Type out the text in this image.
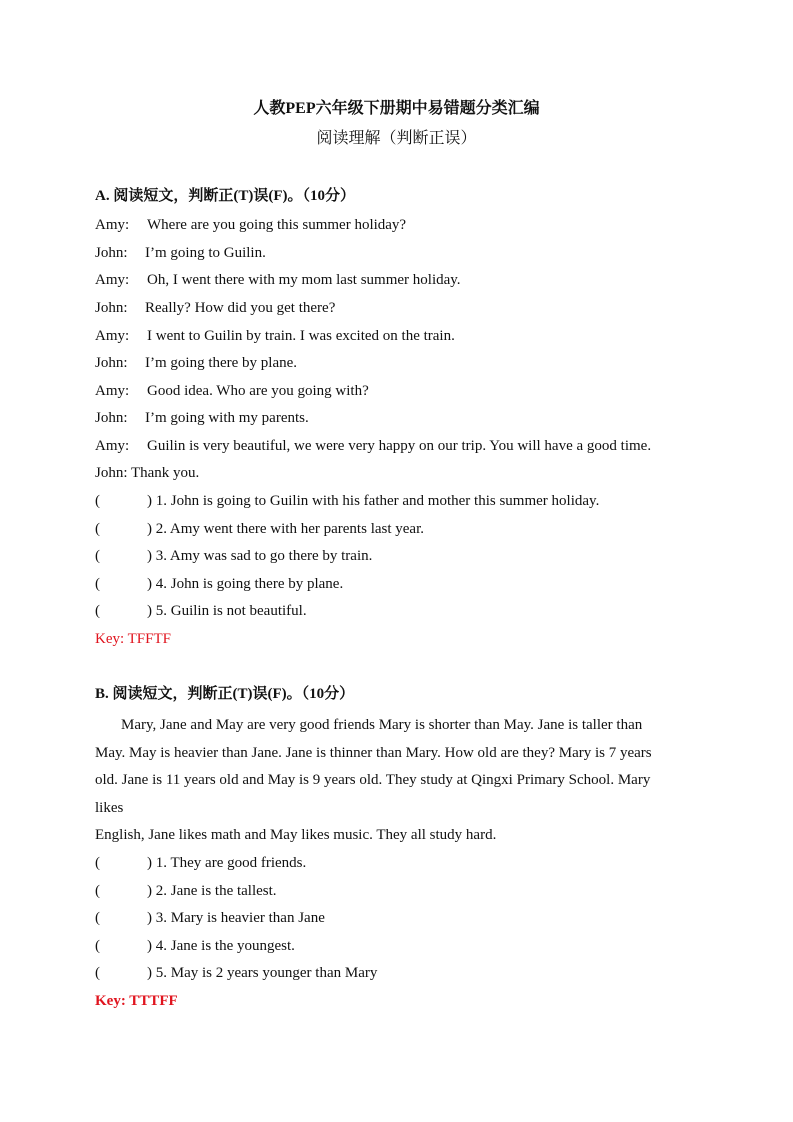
人教PEP六年级下册期中易错题分类汇编
阅读理解（判断正误）
A. 阅读短文，判断正(T)误(F)。（10分）
Amy: Where are you going this summer holiday?
John: I’m going to Guilin.
Amy: Oh, I went there with my mom last summer holiday.
John: Really? How did you get there?
Amy: I went to Guilin by train. I was excited on the train.
John: I’m going there by plane.
Amy: Good idea. Who are you going with?
John: I’m going with my parents.
Amy: Guilin is very beautiful, we were very happy on our trip. You will have a good time.
John: Thank you.
(	) 1. John is going to Guilin with his father and mother this summer holiday.
(	) 2. Amy went there with her parents last year.
(	) 3. Amy was sad to go there by train.
(	) 4. John is going there by plane.
(	) 5. Guilin is not beautiful.
Key: TFFTF
B. 阅读短文，判断正(T)误(F)。（10分）
Mary, Jane and May are very good friends Mary is shorter than May. Jane is taller than
May. May is heavier than Jane. Jane is thinner than Mary. How old are they? Mary is 7 years
old. Jane is 11 years old and May is 9 years old. They study at Qingxi Primary School. Mary
likes
English, Jane likes math and May likes music. They all study hard.
(	) 1. They are good friends.
(	) 2. Jane is the tallest.
(	) 3. Mary is heavier than Jane
(	) 4. Jane is the youngest.
(	) 5. May is 2 years younger than Mary
Key: TTTFF
